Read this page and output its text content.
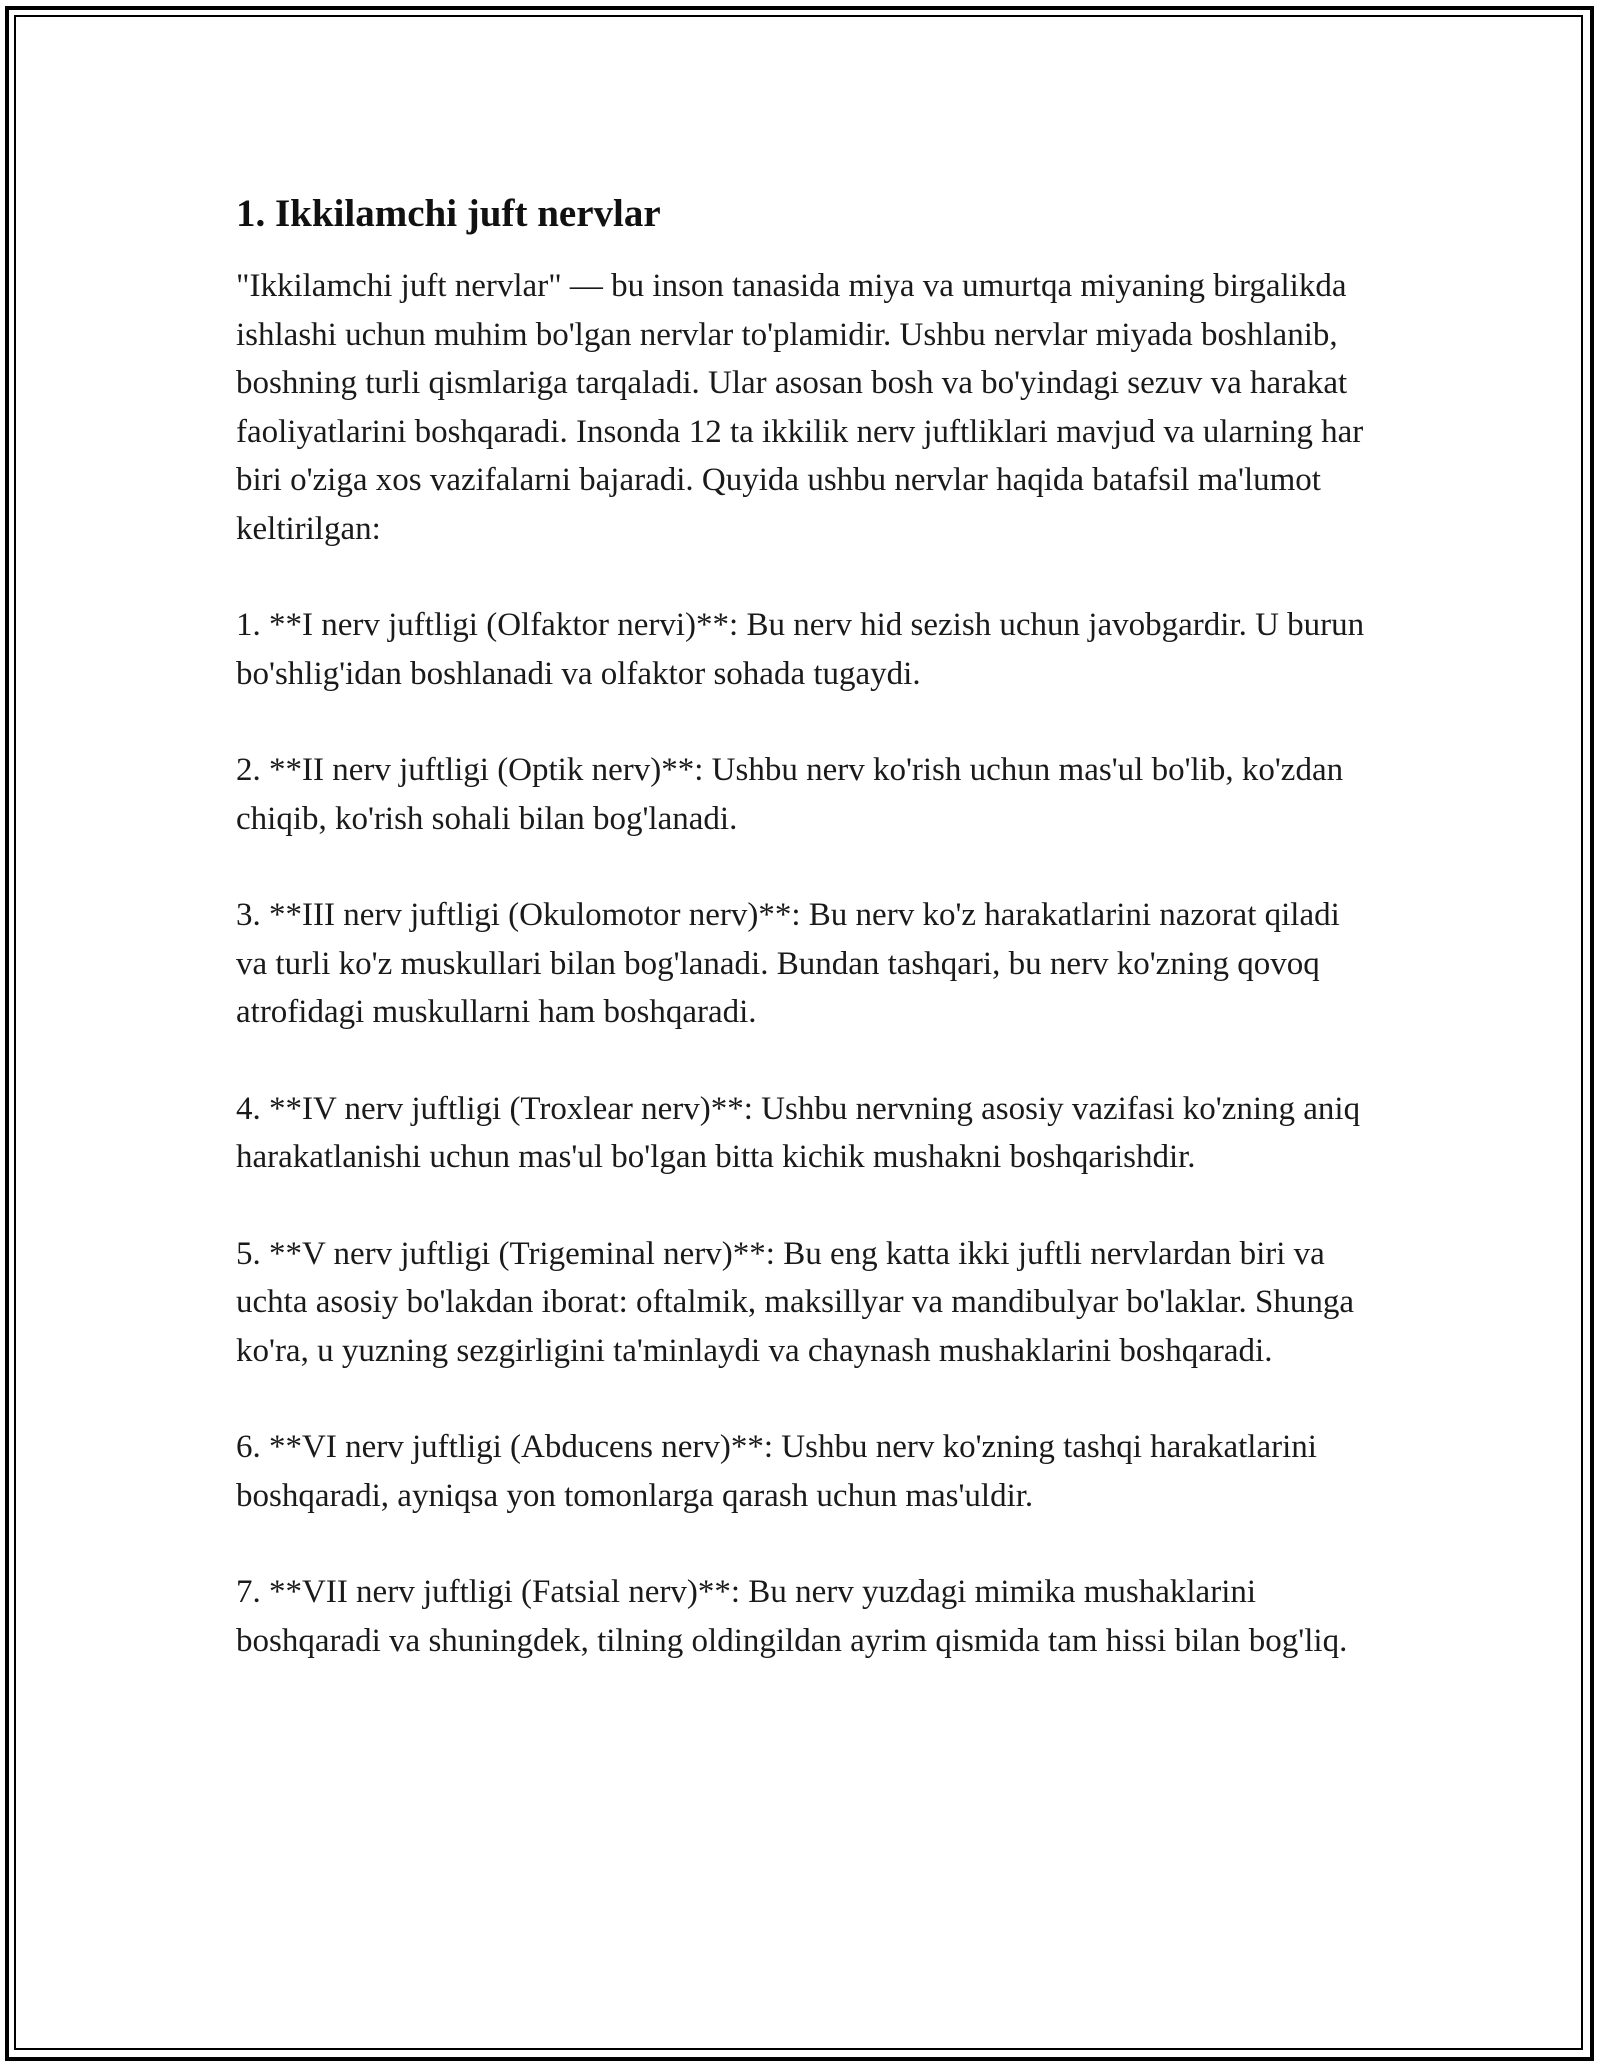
1. Ikkilamchi juft nervlar

"Ikkilamchi juft nervlar" — bu inson tanasida miya va umurtqa miyaning birgalikda ishlashi uchun muhim bo'lgan nervlar to'plamidir. Ushbu nervlar miyada boshlanib, boshning turli qismlariga tarqaladi. Ular asosan bosh va bo'yindagi sezuv va harakat faoliyatlarini boshqaradi. Insonda 12 ta ikkilik nerv juftliklari mavjud va ularning har biri o'ziga xos vazifalarni bajaradi. Quyida ushbu nervlar haqida batafsil ma'lumot keltirilgan:

1. **I nerv juftligi (Olfaktor nervi)**: Bu nerv hid sezish uchun javobgardir. U burun bo'shlig'idan boshlanadi va olfaktor sohada tugaydi.

2. **II nerv juftligi (Optik nerv)**: Ushbu nerv ko'rish uchun mas'ul bo'lib, ko'zdan chiqib, ko'rish sohali bilan bog'lanadi.

3. **III nerv juftligi (Okulomotor nerv)**: Bu nerv ko'z harakatlarini nazorat qiladi va turli ko'z muskullari bilan bog'lanadi. Bundan tashqari, bu nerv ko'zning qovoq atrofidagi muskullarni ham boshqaradi.

4. **IV nerv juftligi (Troxlear nerv)**: Ushbu nervning asosiy vazifasi ko'zning aniq harakatlanishi uchun mas'ul bo'lgan bitta kichik mushakni boshqarishdir.

5. **V nerv juftligi (Trigeminal nerv)**: Bu eng katta ikki juftli nervlardan biri va uchta asosiy bo'lakdan iborat: oftalmik, maksillyar va mandibulyar bo'laklar. Shunga ko'ra, u yuzning sezgirligini ta'minlaydi va chaynash mushaklarini boshqaradi.

6. **VI nerv juftligi (Abducens nerv)**: Ushbu nerv ko'zning tashqi harakatlarini boshqaradi, ayniqsa yon tomonlarga qarash uchun mas'uldir.

7. **VII nerv juftligi (Fatsial nerv)**: Bu nerv yuzdagi mimika mushaklarini boshqaradi va shuningdek, tilning oldingildan ayrim qismida tam hissi bilan bog'liq.
